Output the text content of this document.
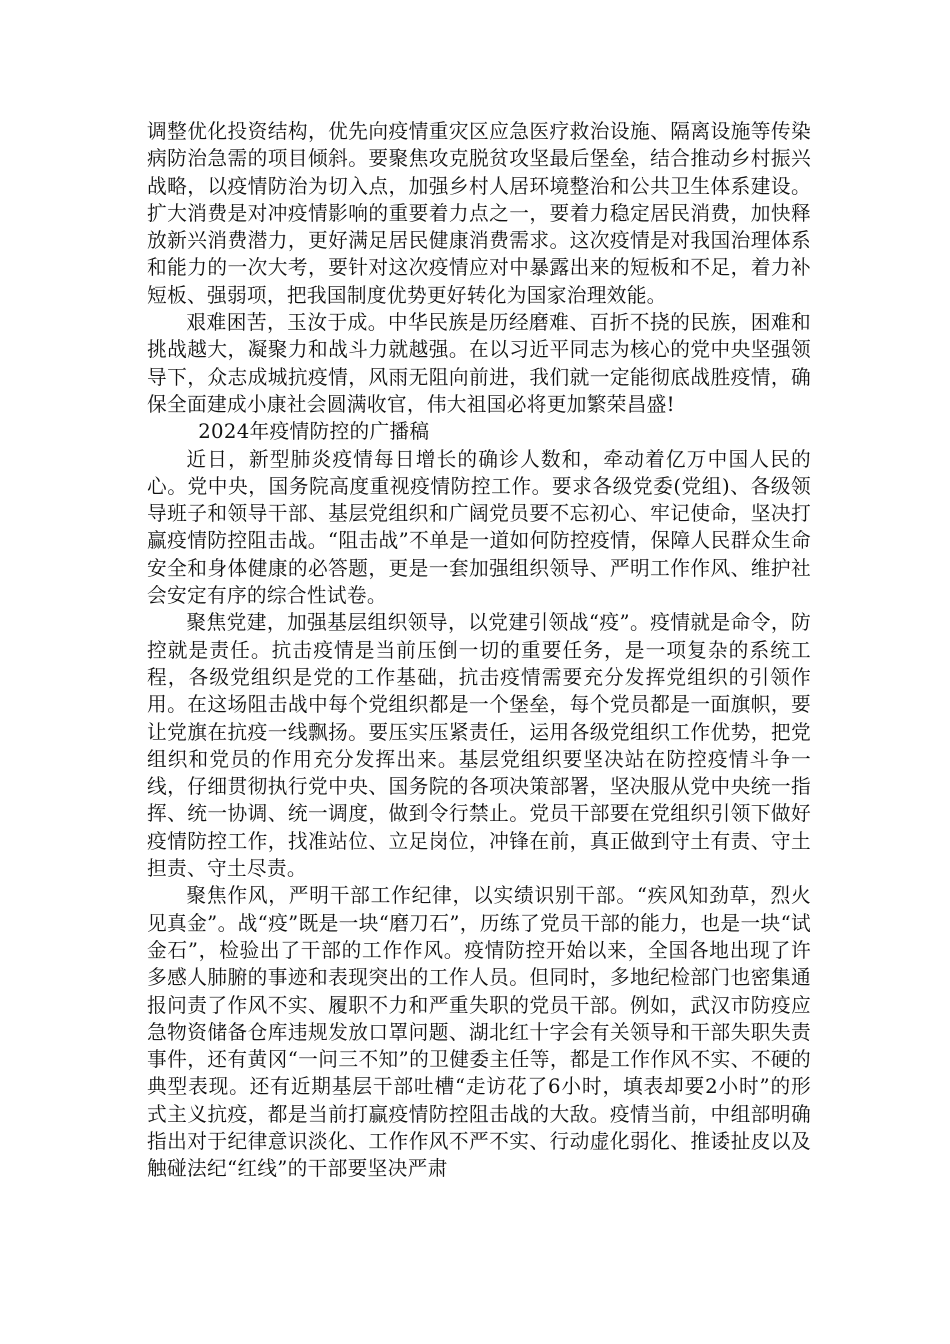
调整优化投资结构，优先向疫情重灾区应急医疗救治设施、隔离设施等传染病防治急需的项目倾斜。要聚焦攻克脱贫攻坚最后堡垒，结合推动乡村振兴战略，以疫情防治为切入点，加强乡村人居环境整治和公共卫生体系建设。扩大消费是对冲疫情影响的重要着力点之一，要着力稳定居民消费，加快释放新兴消费潜力，更好满足居民健康消费需求。这次疫情是对我国治理体系和能力的一次大考，要针对这次疫情应对中暴露出来的短板和不足，着力补短板、强弱项，把我国制度优势更好转化为国家治理效能。

艰难困苦，玉汝于成。中华民族是历经磨难、百折不挠的民族，困难和挑战越大，凝聚力和战斗力就越强。在以习近平同志为核心的党中央坚强领导下，众志成城抗疫情，风雨无阻向前进，我们就一定能彻底战胜疫情，确保全面建成小康社会圆满收官，伟大祖国必将更加繁荣昌盛!

2024年疫情防控的广播稿

近日，新型肺炎疫情每日增长的确诊人数和，牵动着亿万中国人民的心。党中央，国务院高度重视疫情防控工作。要求各级党委(党组)、各级领导班子和领导干部、基层党组织和广阔党员要不忘初心、牢记使命，坚决打赢疫情防控阻击战。“阻击战”不单是一道如何防控疫情，保障人民群众生命安全和身体健康的必答题，更是一套加强组织领导、严明工作作风、维护社会安定有序的综合性试卷。

聚焦党建，加强基层组织领导，以党建引领战“疫”。疫情就是命令，防控就是责任。抗击疫情是当前压倒一切的重要任务，是一项复杂的系统工程，各级党组织是党的工作基础，抗击疫情需要充分发挥党组织的引领作用。在这场阻击战中每个党组织都是一个堡垒，每个党员都是一面旗帜，要让党旗在抗疫一线飘扬。要压实压紧责任，运用各级党组织工作优势，把党组织和党员的作用充分发挥出来。基层党组织要坚决站在防控疫情斗争一线，仔细贯彻执行党中央、国务院的各项决策部署，坚决服从党中央统一指挥、统一协调、统一调度，做到令行禁止。党员干部要在党组织引领下做好疫情防控工作，找准站位、立足岗位，冲锋在前，真正做到守土有责、守土担责、守土尽责。

聚焦作风，严明干部工作纪律，以实绩识别干部。“疾风知劲草，烈火见真金”。战“疫”既是一块“磨刀石”，历练了党员干部的能力，也是一块“试金石”，检验出了干部的工作作风。疫情防控开始以来，全国各地出现了许多感人肺腑的事迹和表现突出的工作人员。但同时，多地纪检部门也密集通报问责了作风不实、履职不力和严重失职的党员干部。例如，武汉市防疫应急物资储备仓库违规发放口罩问题、湖北红十字会有关领导和干部失职失责事件，还有黄冈“一问三不知”的卫健委主任等，都是工作作风不实、不硬的典型表现。还有近期基层干部吐槽“走访花了6小时，填表却要2小时”的形式主义抗疫，都是当前打赢疫情防控阻击战的大敌。疫情当前，中组部明确指出对于纪律意识淡化、工作作风不严不实、行动虚化弱化、推诿扯皮以及触碰法纪“红线”的干部要坚决严肃
